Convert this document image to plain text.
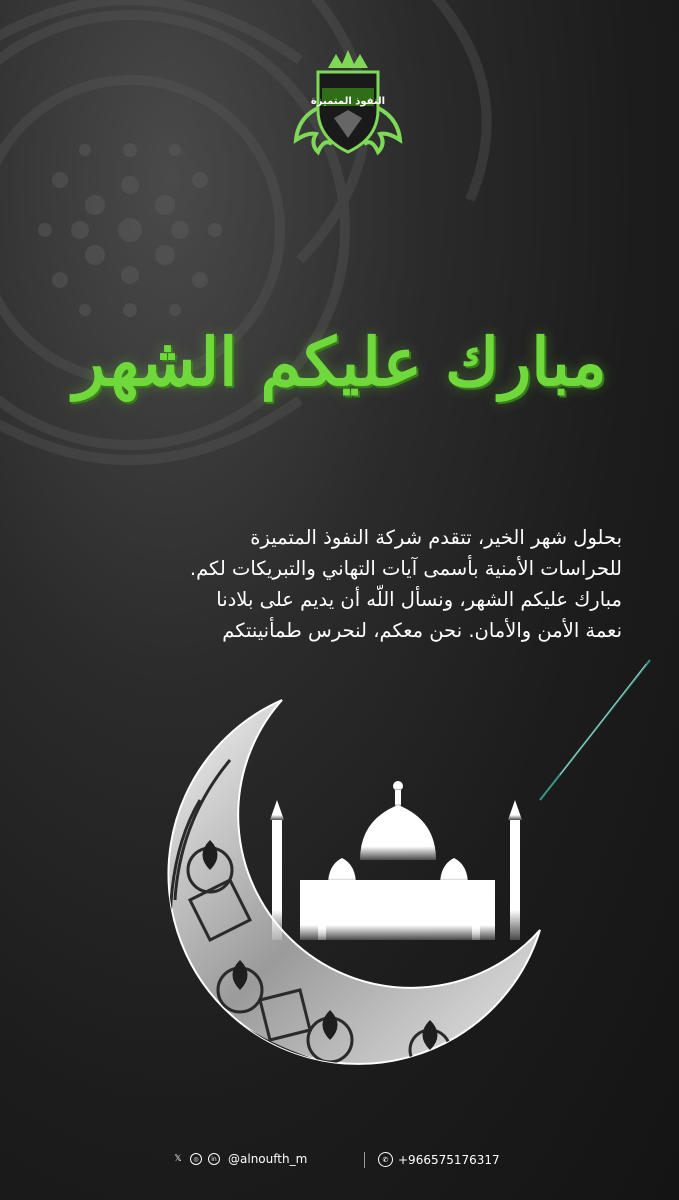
النفوذ المتميزة
مبارك عليكم الشهر

بحلول شهر الخير، تتقدم شركة النفوذ المتميزة

للحراسات الأمنية بأسمى آيات التهاني والتبريكات لكم.

مبارك عليكم الشهر، ونسأل اللّه أن يديم على بلادنا

نعمة الأمن والأمان. نحن معكم، لنحرس طمأنينتكم

𝕏	◎	in @alnoufth_m	✆ +966575176317
